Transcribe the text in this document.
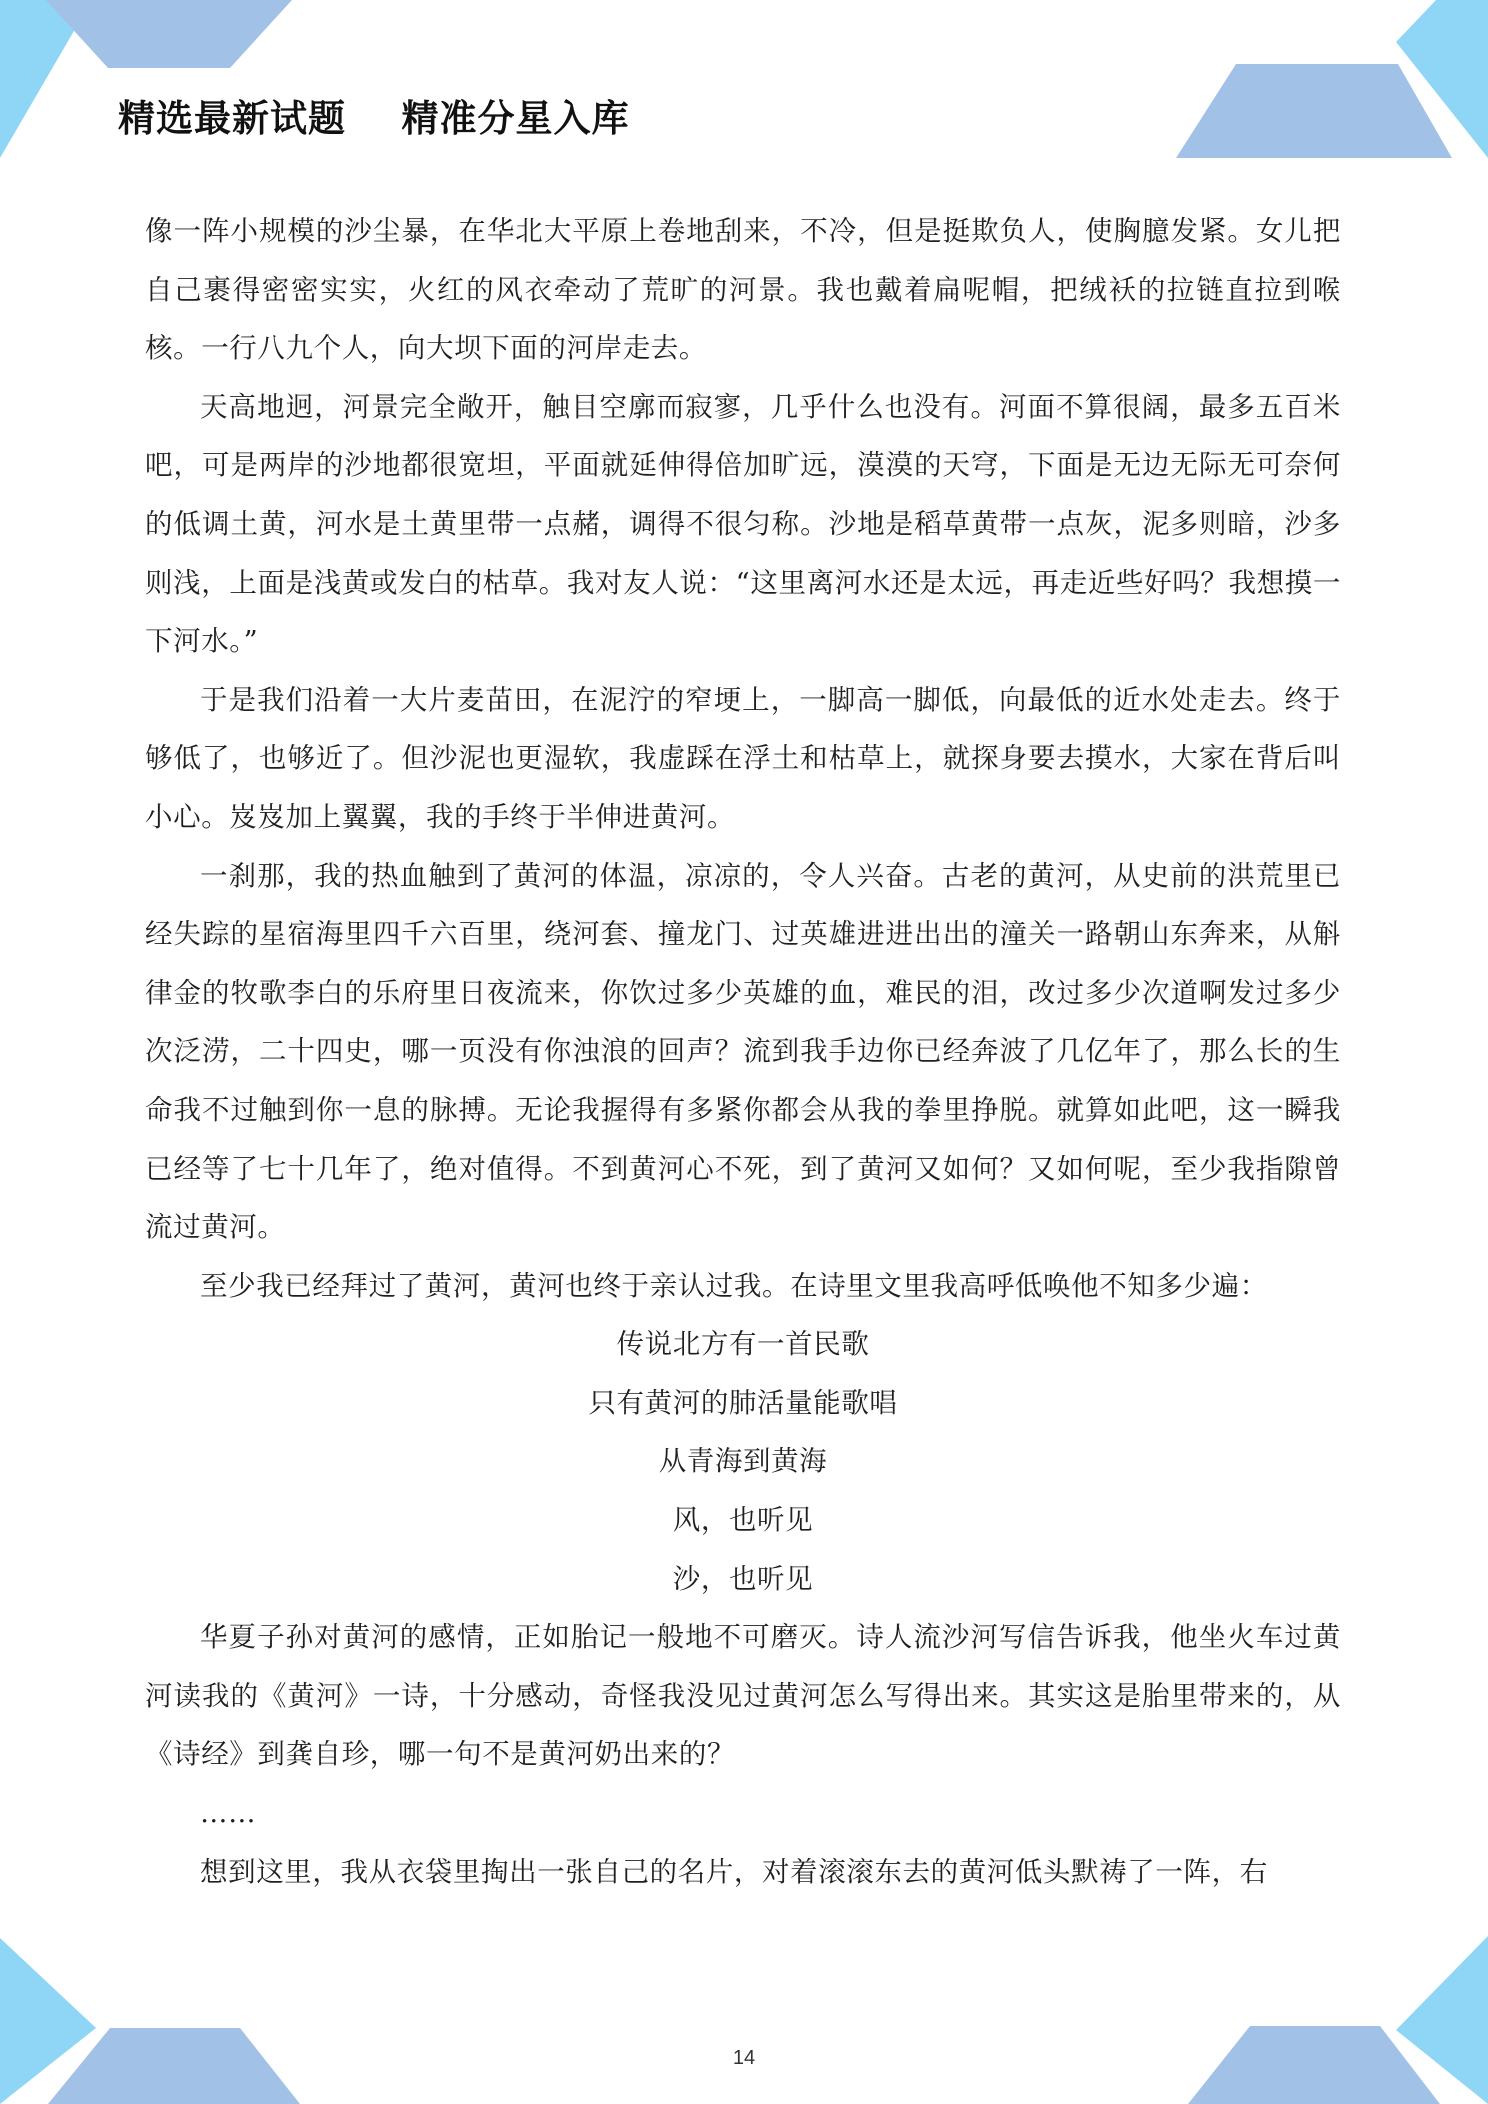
精选最新试题    精准分星入库

像一阵小规模的沙尘暴，在华北大平原上卷地刮来，不冷，但是挺欺负人，使胸臆发紧。女儿把自己裹得密密实实，火红的风衣牵动了荒旷的河景。我也戴着扁呢帽，把绒袄的拉链直拉到喉核。一行八九个人，向大坝下面的河岸走去。

天高地迥，河景完全敞开，触目空廓而寂寥，几乎什么也没有。河面不算很阔，最多五百米吧，可是两岸的沙地都很宽坦，平面就延伸得倍加旷远，漠漠的天穹，下面是无边无际无可奈何的低调土黄，河水是土黄里带一点赭，调得不很匀称。沙地是稻草黄带一点灰，泥多则暗，沙多则浅，上面是浅黄或发白的枯草。我对友人说：“这里离河水还是太远，再走近些好吗？我想摸一下河水。”

于是我们沿着一大片麦苗田，在泥泞的窄埂上，一脚高一脚低，向最低的近水处走去。终于够低了，也够近了。但沙泥也更湿软，我虚踩在浮土和枯草上，就探身要去摸水，大家在背后叫小心。岌岌加上翼翼，我的手终于半伸进黄河。

一刹那，我的热血触到了黄河的体温，凉凉的，令人兴奋。古老的黄河，从史前的洪荒里已经失踪的星宿海里四千六百里，绕河套、撞龙门、过英雄进进出出的潼关一路朝山东奔来，从斛律金的牧歌李白的乐府里日夜流来，你饮过多少英雄的血，难民的泪，改过多少次道啊发过多少次泛涝，二十四史，哪一页没有你浊浪的回声？流到我手边你已经奔波了几亿年了，那么长的生命我不过触到你一息的脉搏。无论我握得有多紧你都会从我的拳里挣脱。就算如此吧，这一瞬我已经等了七十几年了，绝对值得。不到黄河心不死，到了黄河又如何？又如何呢，至少我指隙曾流过黄河。

至少我已经拜过了黄河，黄河也终于亲认过我。在诗里文里我高呼低唤他不知多少遍：

传说北方有一首民歌
只有黄河的肺活量能歌唱
从青海到黄海
风，也听见
沙，也听见

华夏子孙对黄河的感情，正如胎记一般地不可磨灭。诗人流沙河写信告诉我，他坐火车过黄河读我的《黄河》一诗，十分感动，奇怪我没见过黄河怎么写得出来。其实这是胎里带来的，从《诗经》到龚自珍，哪一句不是黄河奶出来的？

……

想到这里，我从衣袋里掏出一张自己的名片，对着滚滚东去的黄河低头默祷了一阵，右

14
